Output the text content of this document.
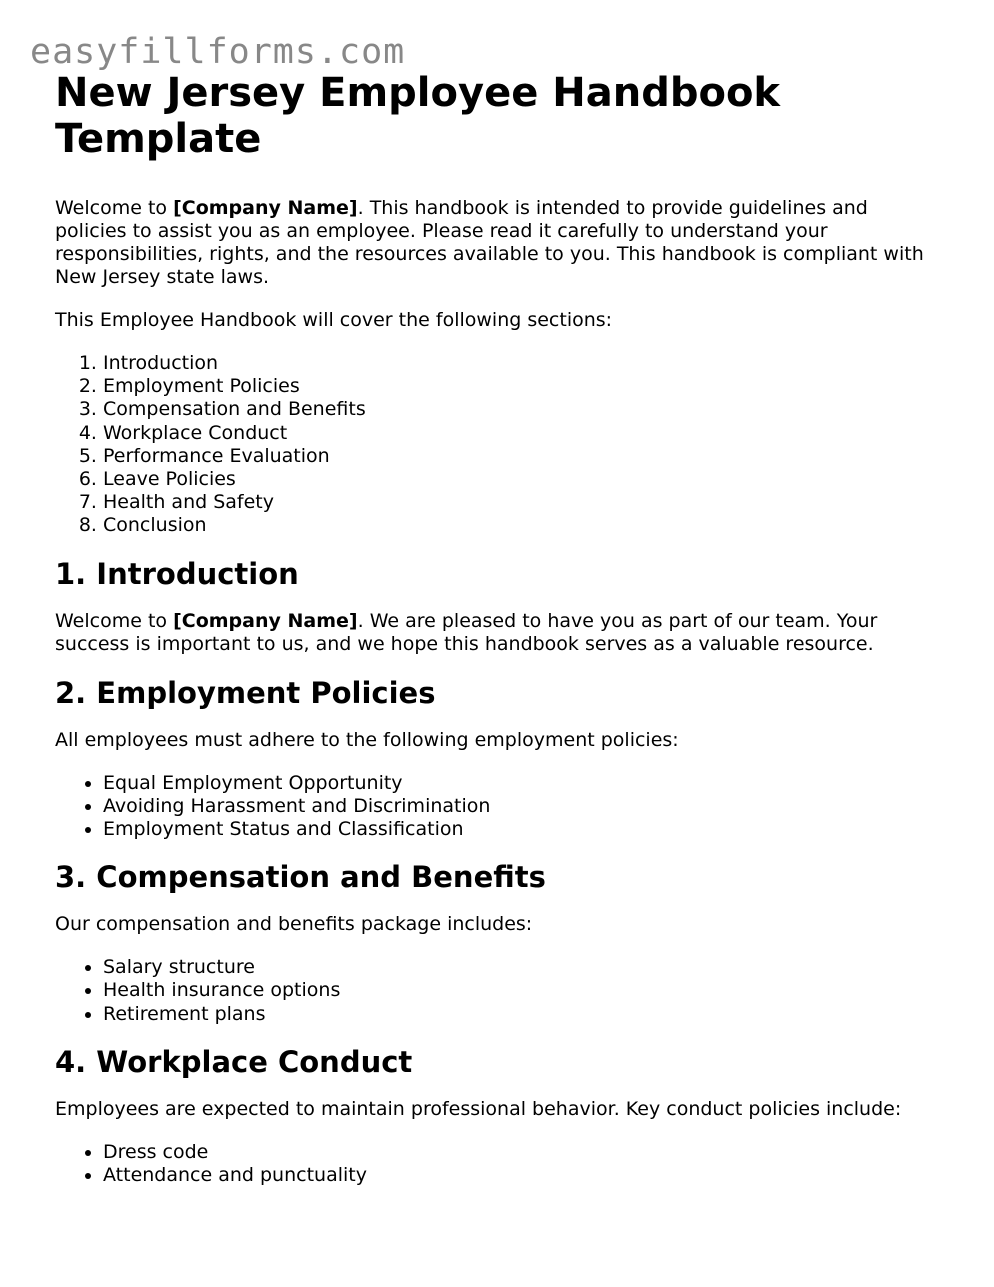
easyfillforms.com
New Jersey Employee Handbook Template

Welcome to [Company Name]. This handbook is intended to provide guidelines and policies to assist you as an employee. Please read it carefully to understand your responsibilities, rights, and the resources available to you. This handbook is compliant with New Jersey state laws.

This Employee Handbook will cover the following sections:

1. Introduction
2. Employment Policies
3. Compensation and Benefits
4. Workplace Conduct
5. Performance Evaluation
6. Leave Policies
7. Health and Safety
8. Conclusion
1. Introduction

Welcome to [Company Name]. We are pleased to have you as part of our team. Your success is important to us, and we hope this handbook serves as a valuable resource.

2. Employment Policies

All employees must adhere to the following employment policies:

• Equal Employment Opportunity
• Avoiding Harassment and Discrimination
• Employment Status and Classification
3. Compensation and Benefits

Our compensation and benefits package includes:

• Salary structure
• Health insurance options
• Retirement plans
4. Workplace Conduct

Employees are expected to maintain professional behavior. Key conduct policies include:

• Dress code
• Attendance and punctuality
